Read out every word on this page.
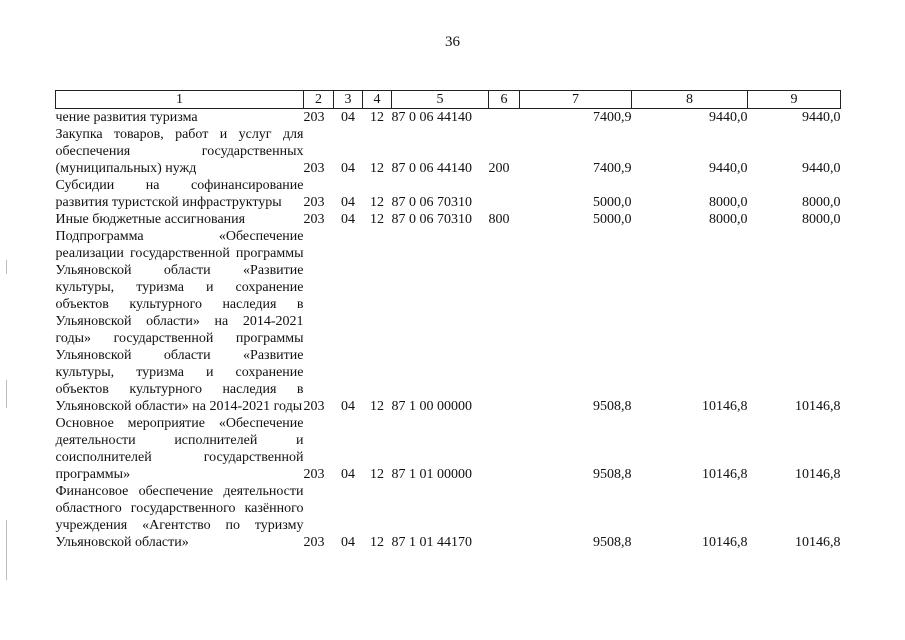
36
1	2	3	4	5	6	7	8	9
чение развития туризма	203	04	12	87 0 06 44140		7400,9	9440,0	9440,0
Закупка товаров, работ и услуг для обеспечения государственных (муниципальных) нужд	203	04	12	87 0 06 44140	200	7400,9	9440,0	9440,0
Субсидии на софинансирование развития туристской инфраструктуры	203	04	12	87 0 06 70310		5000,0	8000,0	8000,0
Иные бюджетные ассигнования	203	04	12	87 0 06 70310	800	5000,0	8000,0	8000,0
Подпрограмма «Обеспечение реализации государственной программы Ульяновской области «Развитие культуры, туризма и сохранение объектов культурного наследия в Ульяновской области» на 2014-2021 годы» государственной программы Ульяновской области «Развитие культуры, туризма и сохранение объектов культурного наследия в Ульяновской области» на 2014-2021 годы	203	04	12	87 1 00 00000		9508,8	10146,8	10146,8
Основное мероприятие «Обеспечение деятельности исполнителей и соисполнителей государственной программы»	203	04	12	87 1 01 00000		9508,8	10146,8	10146,8
Финансовое обеспечение деятельности областного государственного казённого учреждения «Агентство по туризму Ульяновской области»	203	04	12	87 1 01 44170		9508,8	10146,8	10146,8
